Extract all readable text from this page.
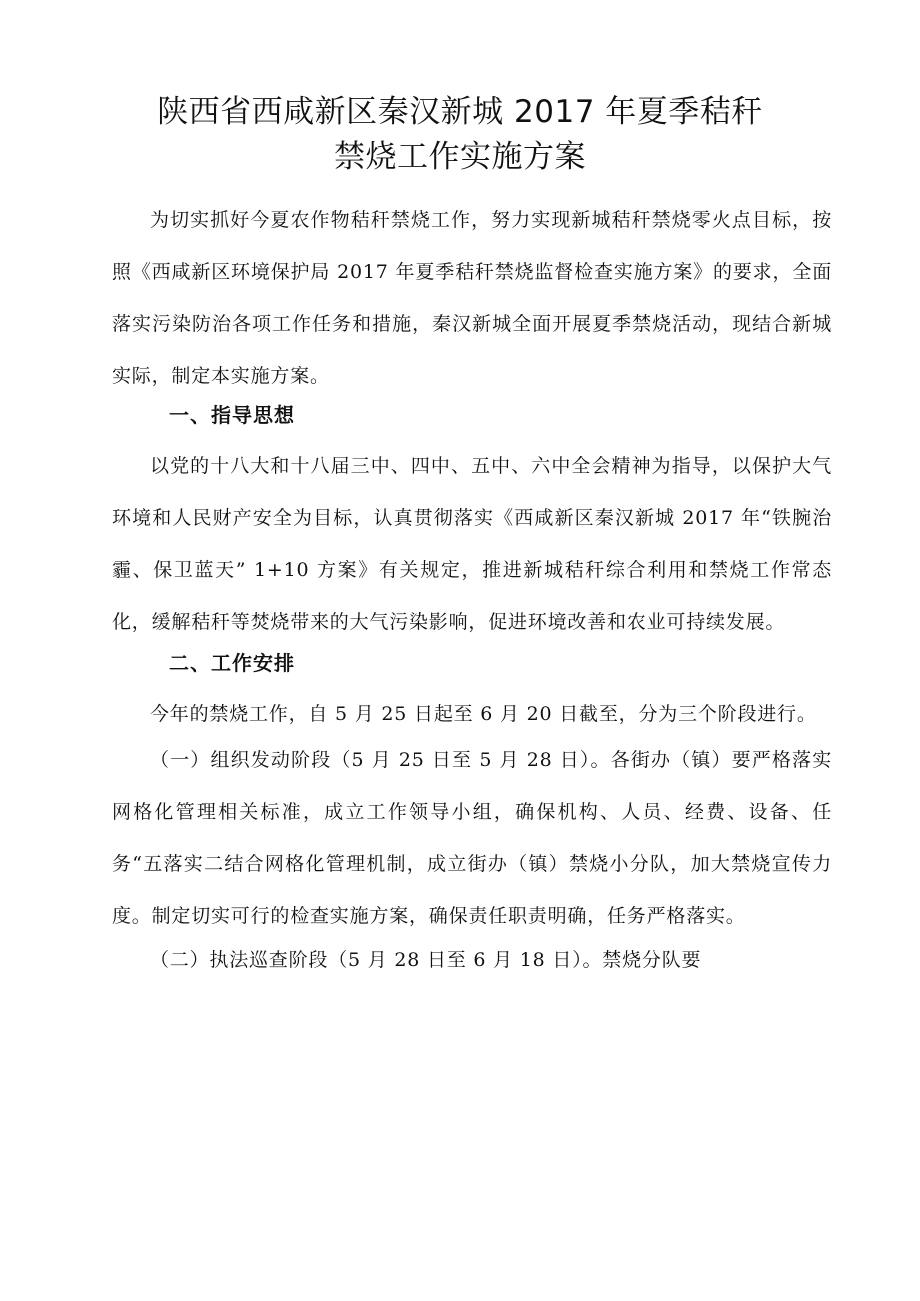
陕西省西咸新区秦汉新城 2017 年夏季秸秆
禁烧工作实施方案

为切实抓好今夏农作物秸秆禁烧工作，努力实现新城秸秆禁烧零火点目标，按照《西咸新区环境保护局 2017 年夏季秸秆禁烧监督检查实施方案》的要求，全面落实污染防治各项工作任务和措施，秦汉新城全面开展夏季禁烧活动，现结合新城实际，制定本实施方案。

一、指导思想

以党的十八大和十八届三中、四中、五中、六中全会精神为指导，以保护大气环境和人民财产安全为目标，认真贯彻落实《西咸新区秦汉新城 2017 年“铁腕治霾、保卫蓝天” 1+10 方案》有关规定，推进新城秸秆综合利用和禁烧工作常态化，缓解秸秆等焚烧带来的大气污染影响，促进环境改善和农业可持续发展。

二、工作安排

今年的禁烧工作，自 5 月 25 日起至 6 月 20 日截至，分为三个阶段进行。

（一）组织发动阶段（5 月 25 日至 5 月 28 日）。各街办（镇）要严格落实网格化管理相关标准，成立工作领导小组，确保机构、人员、经费、设备、任务“五落实二结合网格化管理机制，成立街办（镇）禁烧小分队，加大禁烧宣传力度。制定切实可行的检查实施方案，确保责任职责明确，任务严格落实。

（二）执法巡查阶段（5 月 28 日至 6 月 18 日）。禁烧分队要
